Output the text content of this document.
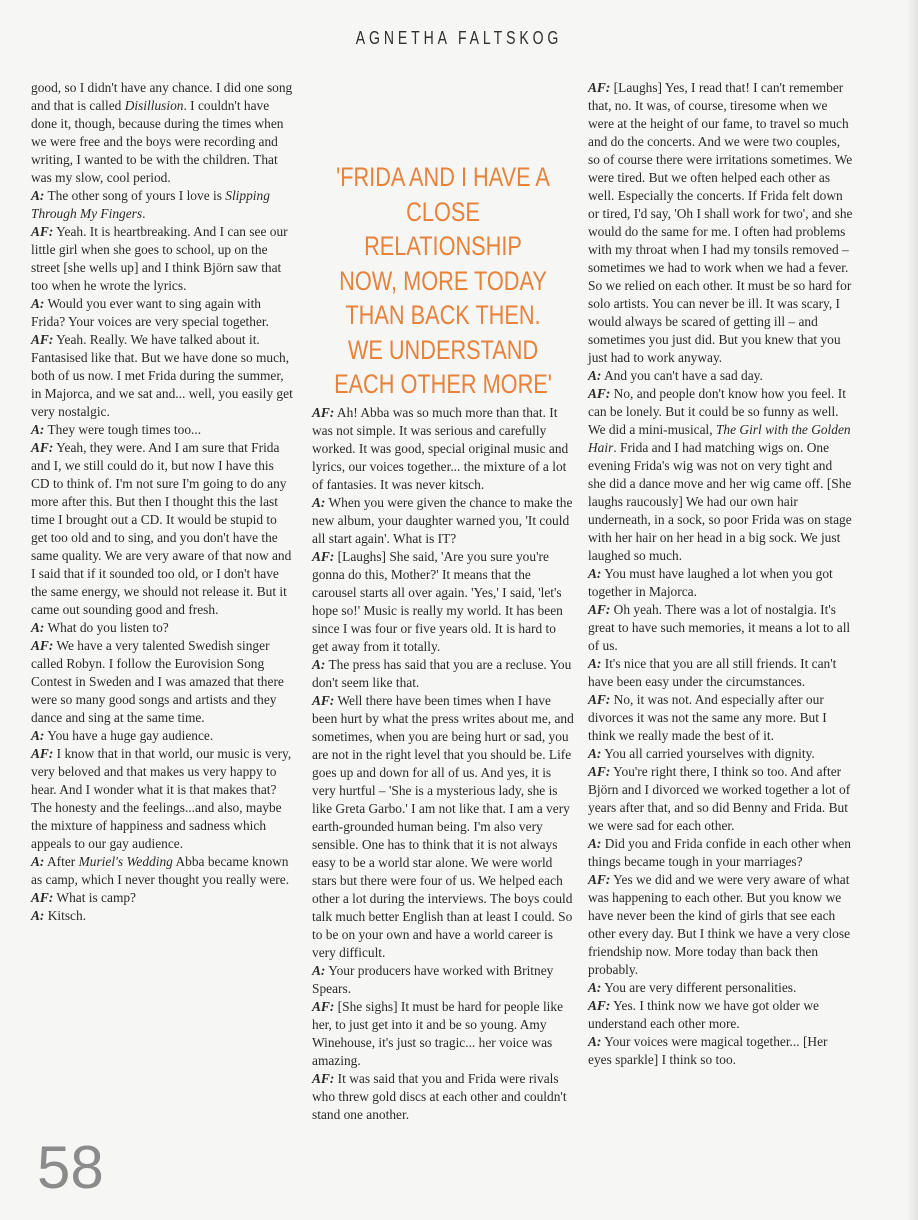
AGNETHA FALTSKOG

good, so I didn't have any chance. I did one song and that is called Disillusion. I couldn't have done it, though, because during the times when we were free and the boys were recording and writing, I wanted to be with the children. That was my slow, cool period.

A: The other song of yours I love is Slipping Through My Fingers.

AF: Yeah. It is heartbreaking. And I can see our little girl when she goes to school, up on the street [she wells up] and I think Björn saw that too when he wrote the lyrics.

A: Would you ever want to sing again with Frida? Your voices are very special together.

AF: Yeah. Really. We have talked about it. Fantasised like that. But we have done so much, both of us now. I met Frida during the summer, in Majorca, and we sat and... well, you easily get very nostalgic.

A: They were tough times too...

AF: Yeah, they were. And I am sure that Frida and I, we still could do it, but now I have this CD to think of. I'm not sure I'm going to do any more after this. But then I thought this the last time I brought out a CD. It would be stupid to get too old and to sing, and you don't have the same quality. We are very aware of that now and I said that if it sounded too old, or I don't have the same energy, we should not release it. But it came out sounding good and fresh.

A: What do you listen to?

AF: We have a very talented Swedish singer called Robyn. I follow the Eurovision Song Contest in Sweden and I was amazed that there were so many good songs and artists and they dance and sing at the same time.

A: You have a huge gay audience.

AF: I know that in that world, our music is very, very beloved and that makes us very happy to hear. And I wonder what it is that makes that? The honesty and the feelings...and also, maybe the mixture of happiness and sadness which appeals to our gay audience.

A: After Muriel's Wedding Abba became known as camp, which I never thought you really were.

AF: What is camp?

A: Kitsch.

'FRIDA AND I HAVE A CLOSE RELATIONSHIP NOW, MORE TODAY THAN BACK THEN. WE UNDERSTAND EACH OTHER MORE'

AF: Ah! Abba was so much more than that. It was not simple. It was serious and carefully worked. It was good, special original music and lyrics, our voices together... the mixture of a lot of fantasies. It was never kitsch.

A: When you were given the chance to make the new album, your daughter warned you, 'It could all start again'. What is IT?

AF: [Laughs] She said, 'Are you sure you're gonna do this, Mother?' It means that the carousel starts all over again. 'Yes,' I said, 'let's hope so!' Music is really my world. It has been since I was four or five years old. It is hard to get away from it totally.

A: The press has said that you are a recluse. You don't seem like that.

AF: Well there have been times when I have been hurt by what the press writes about me, and sometimes, when you are being hurt or sad, you are not in the right level that you should be. Life goes up and down for all of us. And yes, it is very hurtful – 'She is a mysterious lady, she is like Greta Garbo.' I am not like that. I am a very earth-grounded human being. I'm also very sensible. One has to think that it is not always easy to be a world star alone. We were world stars but there were four of us. We helped each other a lot during the interviews. The boys could talk much better English than at least I could. So to be on your own and have a world career is very difficult.

A: Your producers have worked with Britney Spears.

AF: [She sighs] It must be hard for people like her, to just get into it and be so young. Amy Winehouse, it's just so tragic... her voice was amazing.

AF: It was said that you and Frida were rivals who threw gold discs at each other and couldn't stand one another.

AF: [Laughs] Yes, I read that! I can't remember that, no. It was, of course, tiresome when we were at the height of our fame, to travel so much and do the concerts. And we were two couples, so of course there were irritations sometimes. We were tired. But we often helped each other as well. Especially the concerts. If Frida felt down or tired, I'd say, 'Oh I shall work for two', and she would do the same for me. I often had problems with my throat when I had my tonsils removed – sometimes we had to work when we had a fever. So we relied on each other. It must be so hard for solo artists. You can never be ill. It was scary, I would always be scared of getting ill – and sometimes you just did. But you knew that you just had to work anyway.

A: And you can't have a sad day.

AF: No, and people don't know how you feel. It can be lonely. But it could be so funny as well. We did a mini-musical, The Girl with the Golden Hair. Frida and I had matching wigs on. One evening Frida's wig was not on very tight and she did a dance move and her wig came off. [She laughs raucously] We had our own hair underneath, in a sock, so poor Frida was on stage with her hair on her head in a big sock. We just laughed so much.

A: You must have laughed a lot when you got together in Majorca.

AF: Oh yeah. There was a lot of nostalgia. It's great to have such memories, it means a lot to all of us.

A: It's nice that you are all still friends. It can't have been easy under the circumstances.

AF: No, it was not. And especially after our divorces it was not the same any more. But I think we really made the best of it.

A: You all carried yourselves with dignity.

AF: You're right there, I think so too. And after Björn and I divorced we worked together a lot of years after that, and so did Benny and Frida. But we were sad for each other.

A: Did you and Frida confide in each other when things became tough in your marriages?

AF: Yes we did and we were very aware of what was happening to each other. But you know we have never been the kind of girls that see each other every day. But I think we have a very close friendship now. More today than back then probably.

A: You are very different personalities.

AF: Yes. I think now we have got older we understand each other more.

A: Your voices were magical together... [Her eyes sparkle] I think so too.

58
